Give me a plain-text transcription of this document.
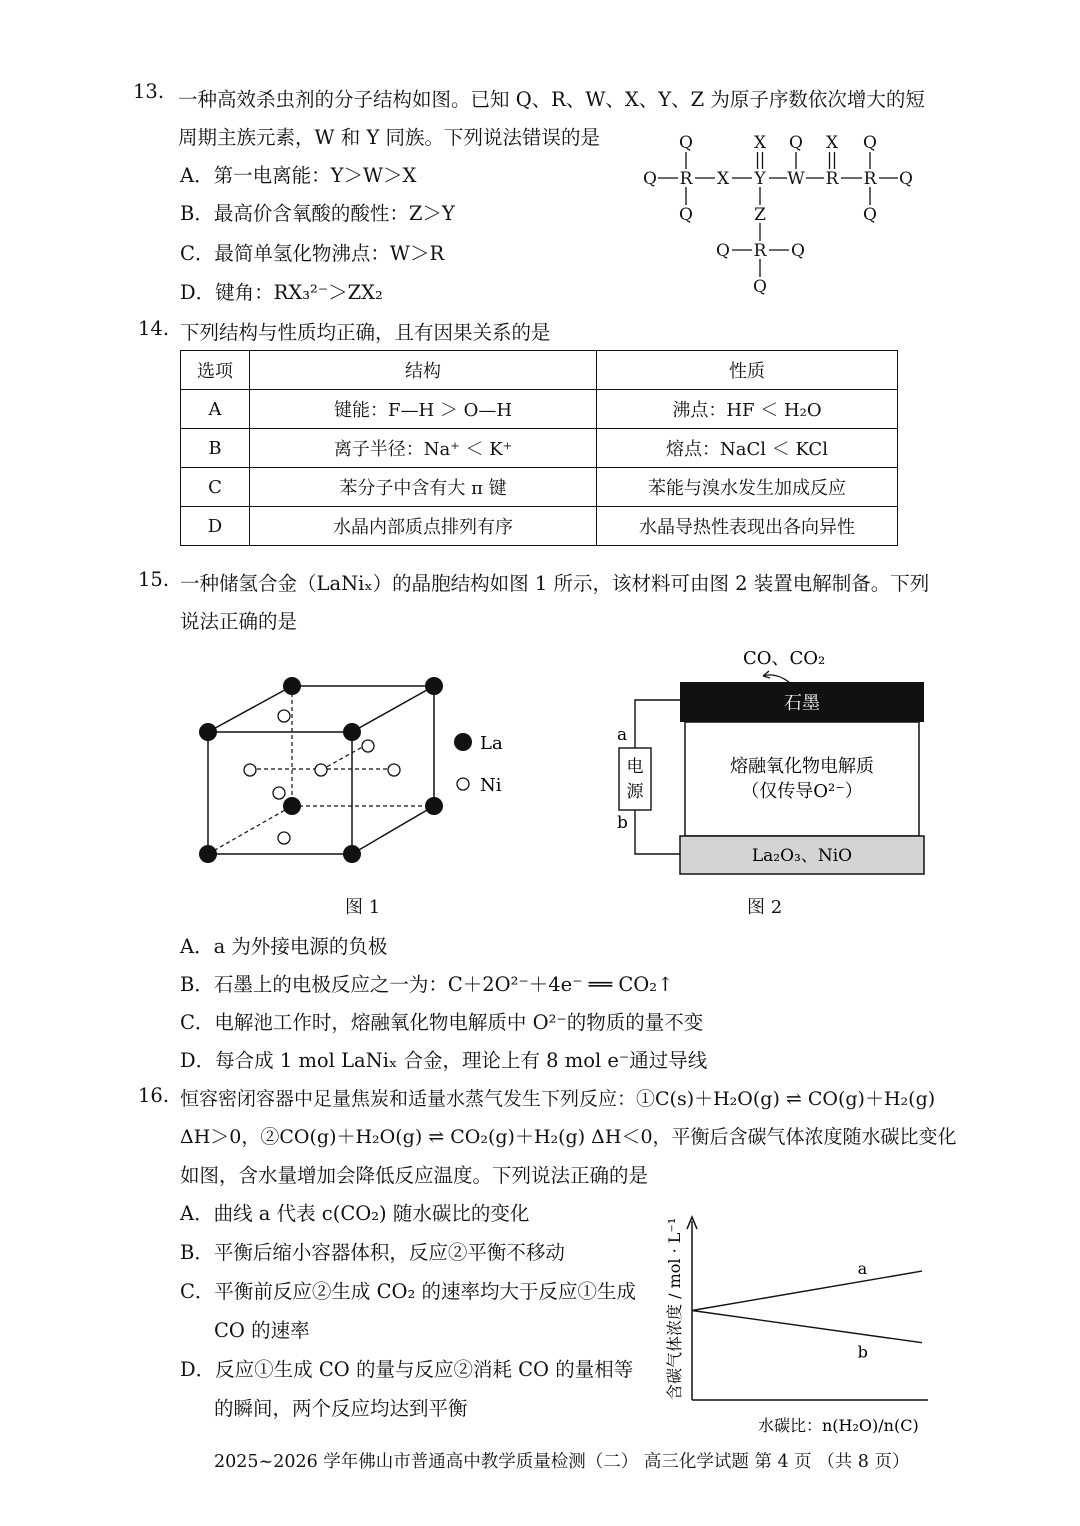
13. 一种高效杀虫剂的分子结构如图。已知 Q、R、W、X、Y、Z 为原子序数依次增大的短
周期主族元素，W 和 Y 同族。下列说法错误的是
A．第一电离能：Y＞W＞X
B．最高价含氧酸的酸性：Z＞Y
C．最简单氢化物沸点：W＞R
D．键角：RX₃²⁻＞ZX₂
Q	X Q X Q
Q R X Y W R R Q
Q	Z	Q
Q R Q
Q
14. 下列结构与性质均正确，且有因果关系的是
选项	结构	性质
A	键能：F—H ＞ O—H	沸点：HF ＜ H₂O
B	离子半径：Na⁺ ＜ K⁺	熔点：NaCl ＜ KCl
C	苯分子中含有大 π 键	苯能与溴水发生加成反应
D	水晶内部质点排列有序	水晶导热性表现出各向异性
15. 一种储氢合金（LaNiₓ）的晶胞结构如图 1 所示，该材料可由图 2 装置电解制备。下列
说法正确的是
La
Ni
图 1
CO、CO₂
石墨
熔融氧化物电解质
（仅传导O²⁻）
La₂O₃、NiO
电
源
a
b
图 2
A．a 为外接电源的负极
B．石墨上的电极反应之一为：C＋2O²⁻＋4e⁻ ══ CO₂↑
C．电解池工作时，熔融氧化物电解质中 O²⁻的物质的量不变
D．每合成 1 mol LaNiₓ 合金，理论上有 8 mol e⁻通过导线
16. 恒容密闭容器中足量焦炭和适量水蒸气发生下列反应：①C(s)＋H₂O(g) ⇌ CO(g)＋H₂(g)
ΔH＞0，②CO(g)＋H₂O(g) ⇌ CO₂(g)＋H₂(g) ΔH＜0，平衡后含碳气体浓度随水碳比变化
如图，含水量增加会降低反应温度。下列说法正确的是
A．曲线 a 代表 c(CO₂) 随水碳比的变化
B．平衡后缩小容器体积，反应②平衡不移动
C．平衡前反应②生成 CO₂ 的速率均大于反应①生成
CO 的速率
D．反应①生成 CO 的量与反应②消耗 CO 的量相等
的瞬间，两个反应均达到平衡
含碳气体浓度 / mol · L⁻¹
水碳比：n(H₂O)/n(C)
a
b
2025~2026 学年佛山市普通高中教学质量检测（二） 高三化学试题 第 4 页 （共 8 页）
